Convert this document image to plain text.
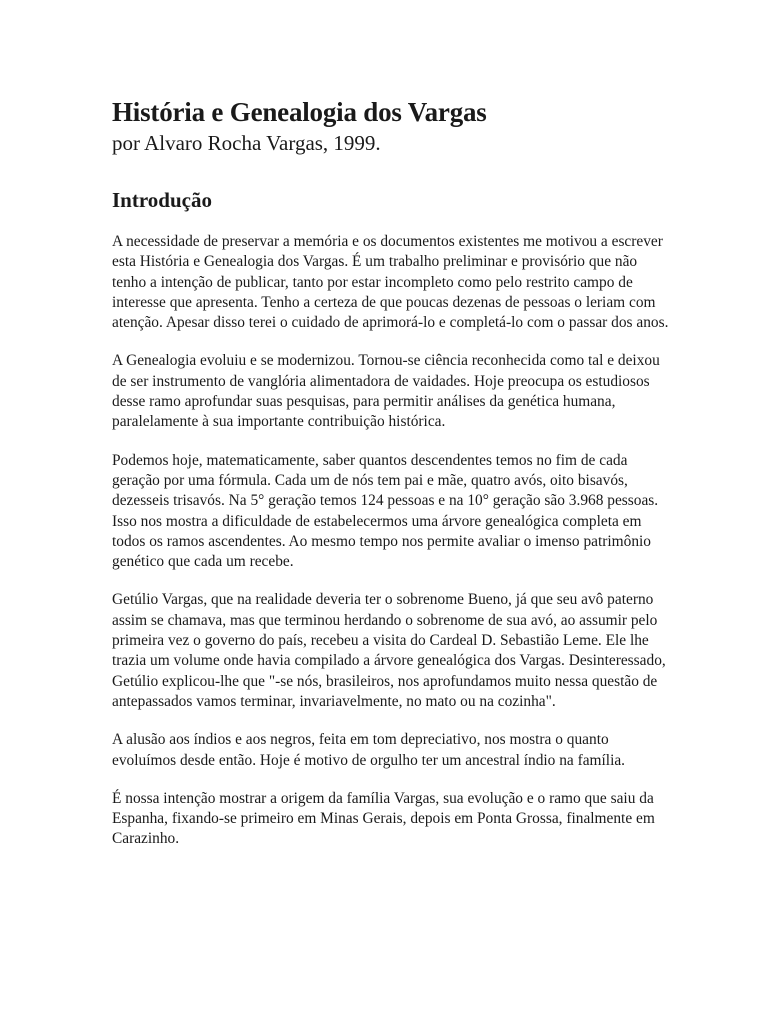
História e Genealogia dos Vargas

por Alvaro Rocha Vargas, 1999.

Introdução

A necessidade de preservar a memória e os documentos existentes me motivou a escrever esta História e Genealogia dos Vargas. É um trabalho preliminar e provisório que não tenho a intenção de publicar, tanto por estar incompleto como pelo restrito campo de interesse que apresenta. Tenho a certeza de que poucas dezenas de pessoas o leriam com atenção. Apesar disso terei o cuidado de aprimorá-lo e completá-lo com o passar dos anos.

A Genealogia evoluiu e se modernizou. Tornou-se ciência reconhecida como tal e deixou de ser instrumento de vanglória alimentadora de vaidades. Hoje preocupa os estudiosos desse ramo aprofundar suas pesquisas, para permitir análises da genética humana, paralelamente à sua importante contribuição histórica.

Podemos hoje, matematicamente, saber quantos descendentes temos no fim de cada geração por uma fórmula. Cada um de nós tem pai e mãe, quatro avós, oito bisavós, dezesseis trisavós. Na 5° geração temos 124 pessoas e na 10° geração são 3.968 pessoas. Isso nos mostra a dificuldade de estabelecermos uma árvore genealógica completa em todos os ramos ascendentes. Ao mesmo tempo nos permite avaliar o imenso patrimônio genético que cada um recebe.

Getúlio Vargas, que na realidade deveria ter o sobrenome Bueno, já que seu avô paterno assim se chamava, mas que terminou herdando o sobrenome de sua avó, ao assumir pelo primeira vez o governo do país, recebeu a visita do Cardeal D. Sebastião Leme. Ele lhe trazia um volume onde havia compilado a árvore genealógica dos Vargas. Desinteressado, Getúlio explicou-lhe que "-se nós, brasileiros, nos aprofundamos muito nessa questão de antepassados vamos terminar, invariavelmente, no mato ou na cozinha".

A alusão aos índios e aos negros, feita em tom depreciativo, nos mostra o quanto evoluímos desde então. Hoje é motivo de orgulho ter um ancestral índio na família.

É nossa intenção mostrar a origem da família Vargas, sua evolução e o ramo que saiu da Espanha, fixando-se primeiro em Minas Gerais, depois em Ponta Grossa, finalmente em Carazinho.
